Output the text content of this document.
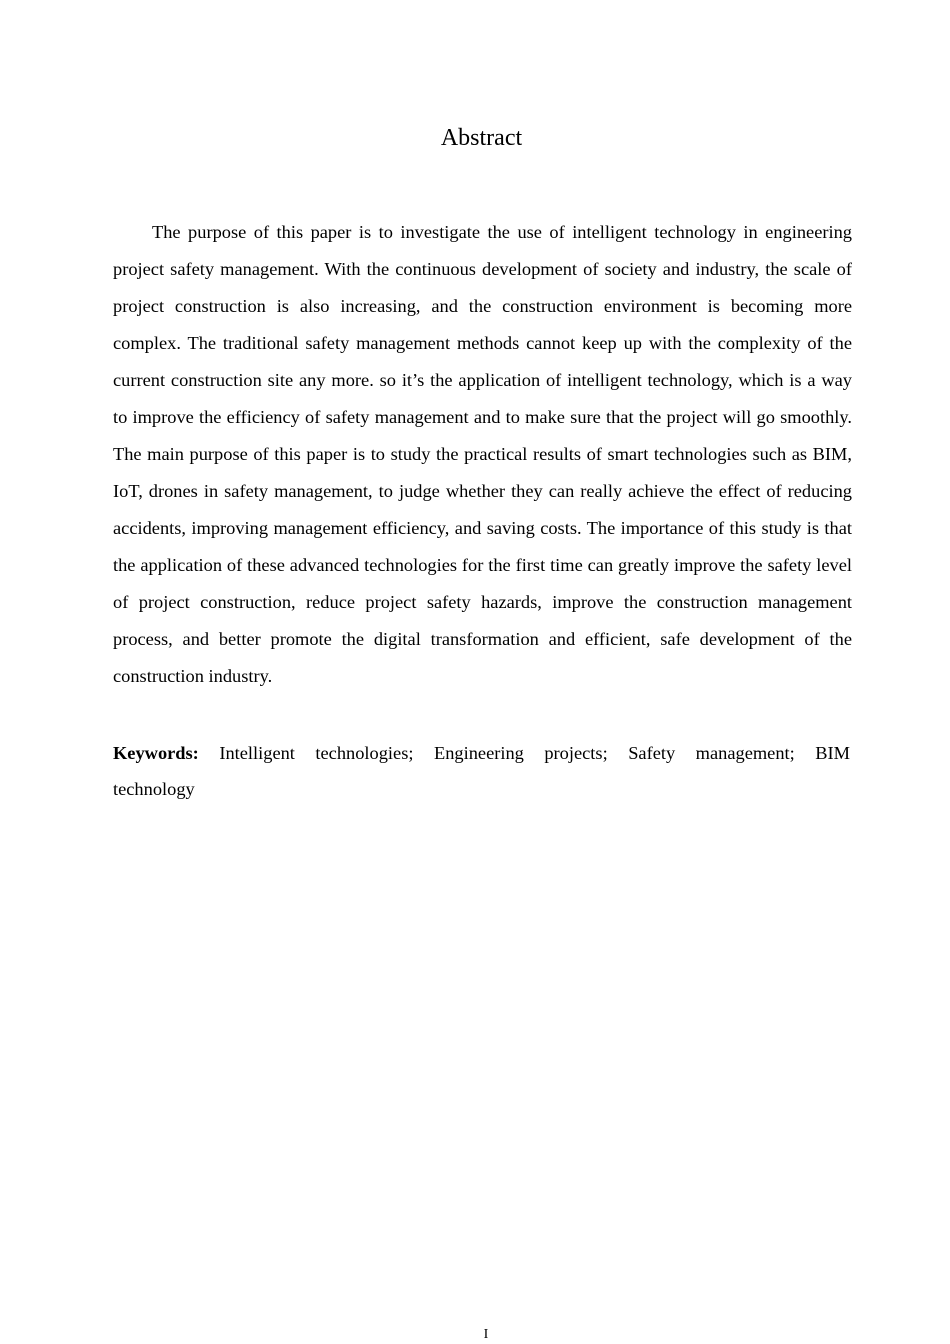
Abstract

The purpose of this paper is to investigate the use of intelligent technology in engineering project safety management. With the continuous development of society and industry, the scale of project construction is also increasing, and the construction environment is becoming more complex. The traditional safety management methods cannot keep up with the complexity of the current construction site any more. so it’s the application of intelligent technology, which is a way to improve the efficiency of safety management and to make sure that the project will go smoothly. The main purpose of this paper is to study the practical results of smart technologies such as BIM, IoT, drones in safety management, to judge whether they can really achieve the effect of reducing accidents, improving management efficiency, and saving costs. The importance of this study is that the application of these advanced technologies for the first time can greatly improve the safety level of project construction, reduce project safety hazards, improve the construction management process, and better promote the digital transformation and efficient, safe development of the construction industry.

Keywords: Intelligent technologies; Engineering projects; Safety management; BIM technology

I
